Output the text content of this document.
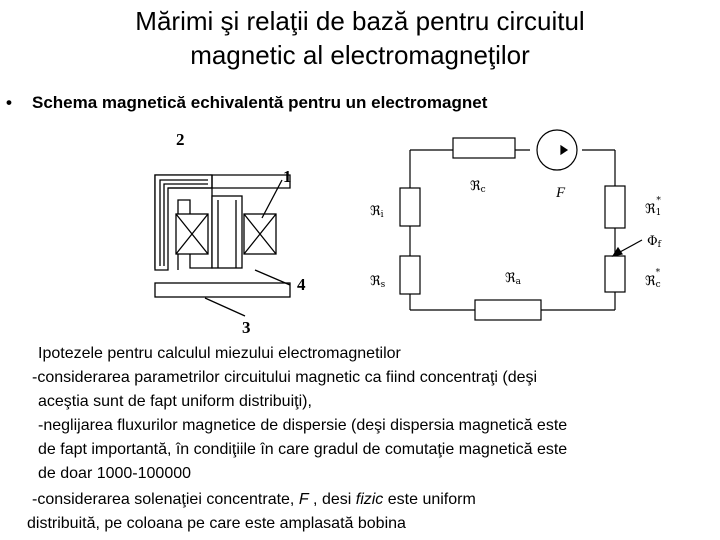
Mărimi şi relaţii de bază pentru circuitul
magnetic al electromagneţilor
• Schema magnetică echivalentă pentru un electromagnet
2
1
4
3
ℜc	F
ℜi	ℜ1*
Φf
ℜs	ℜa	ℜc*
Ipotezele pentru calculul miezului electromagnetilor
-considerarea parametrilor circuitului magnetic ca fiind concentraţi (deşi
aceştia sunt de fapt uniform distribuiţi),
-neglijarea fluxurilor magnetice de dispersie (deşi dispersia magnetică este
de fapt importantă, în condiţiile în care gradul de comutaţie magnetică este
de doar 1000-100000
-considerarea solenaţiei concentrate, F , desi fizic este uniform
distribuită, pe coloana pe care este amplasată bobina
